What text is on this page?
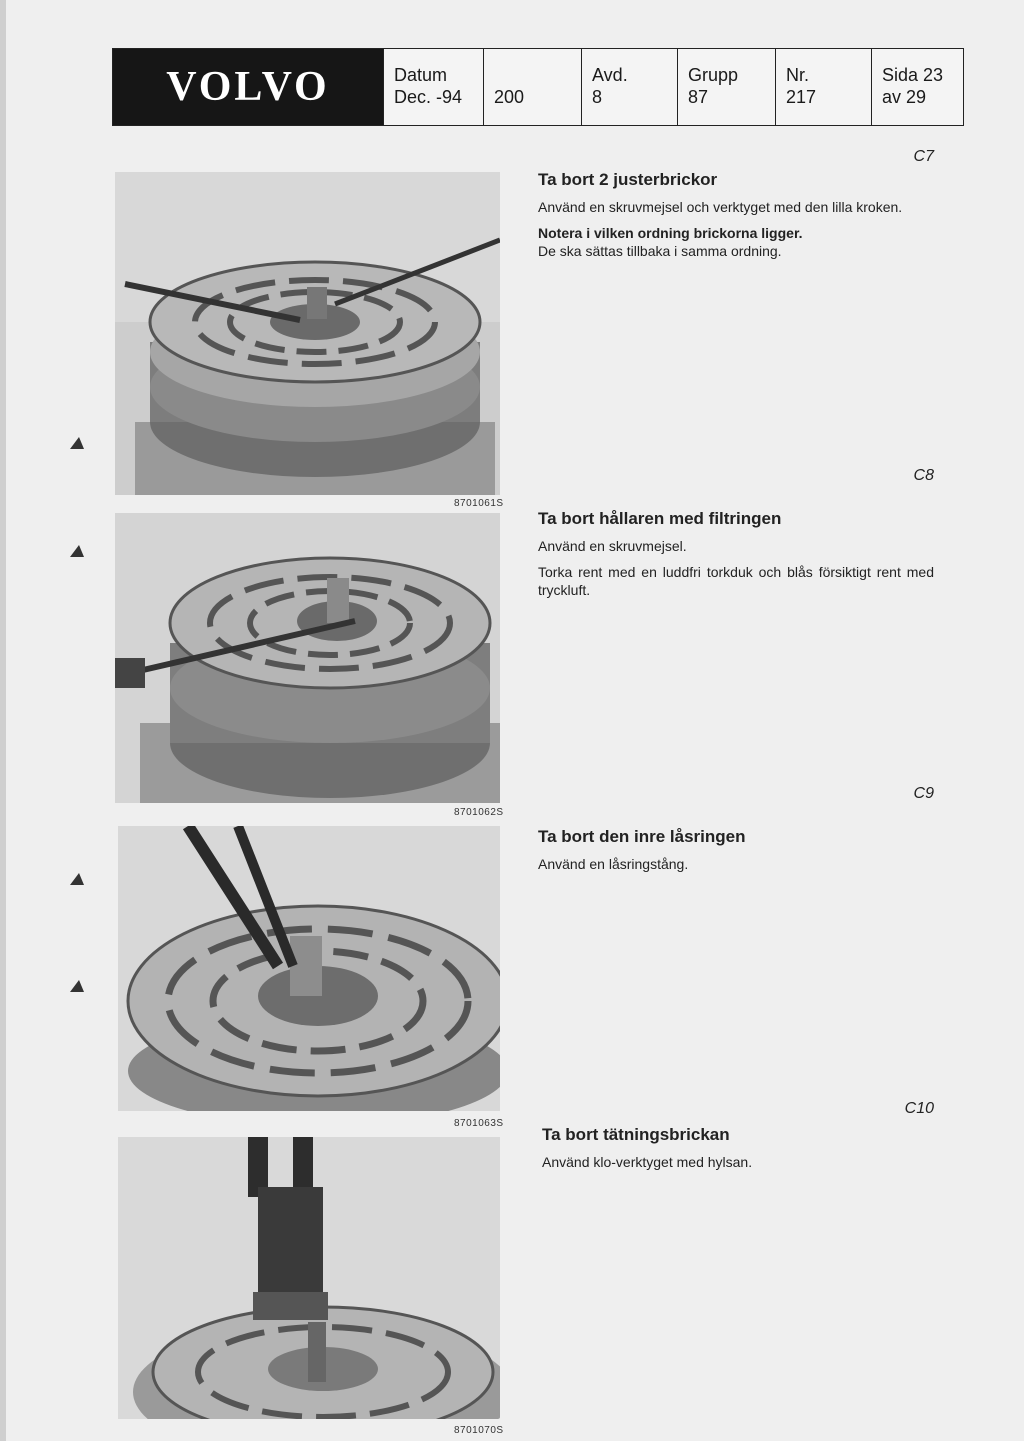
VOLVO	Datum
Dec. -94	200
Avd.
8
Grupp
87
Nr.
217
Sida 23
av 29
8701061S
8701062S
8701063S
8701070S
C7
Ta bort 2 justerbrickor
Använd en skruvmejsel och verktyget med den lilla kroken.
Notera i vilken ordning brickorna ligger.
De ska sättas tillbaka i samma ordning.
C8
Ta bort hållaren med filtringen
Använd en skruvmejsel.
Torka rent med en luddfri torkduk och blås försiktigt rent med tryckluft.
C9
Ta bort den inre låsringen
Använd en låsringstång.
C10
Ta bort tätningsbrickan
Använd klo-verktyget med hylsan.
